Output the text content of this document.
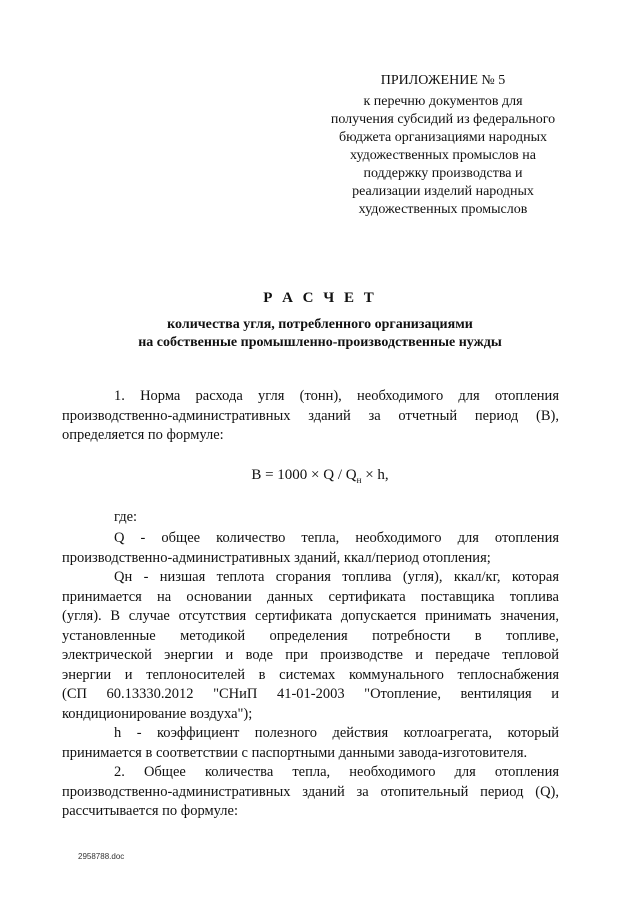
ПРИЛОЖЕНИЕ № 5
к перечню документов для
получения субсидий из федерального
бюджета организациями народных
художественных промыслов на
поддержку производства и
реализации изделий народных
художественных промыслов
Р А С Ч Е Т
количества угля, потребленного организациями
на собственные промышленно-производственные нужды
1. Норма расхода угля (тонн), необходимого для отопления
производственно-административных зданий за отчетный период (В),
определяется по формуле:
$B = 1000 \times Q / Q_н \times h$,
где:
Q - общее количество тепла, необходимого для отопления
производственно-административных зданий, ккал/период отопления;
Qн - низшая теплота сгорания топлива (угля), ккал/кг, которая
принимается на основании данных сертификата поставщика топлива
(угля). В случае отсутствия сертификата допускается принимать значения,
установленные методикой определения потребности в топливе,
электрической энергии и воде при производстве и передаче тепловой
энергии и теплоносителей в системах коммунального теплоснабжения
(СП 60.13330.2012 "СНиП 41-01-2003 "Отопление, вентиляция и
кондиционирование воздуха");
h - коэффициент полезного действия котлоагрегата, который
принимается в соответствии с паспортными данными завода-изготовителя.
2. Общее количества тепла, необходимого для отопления
производственно-административных зданий за отопительный период (Q),
рассчитывается по формуле:
2958788.doc
